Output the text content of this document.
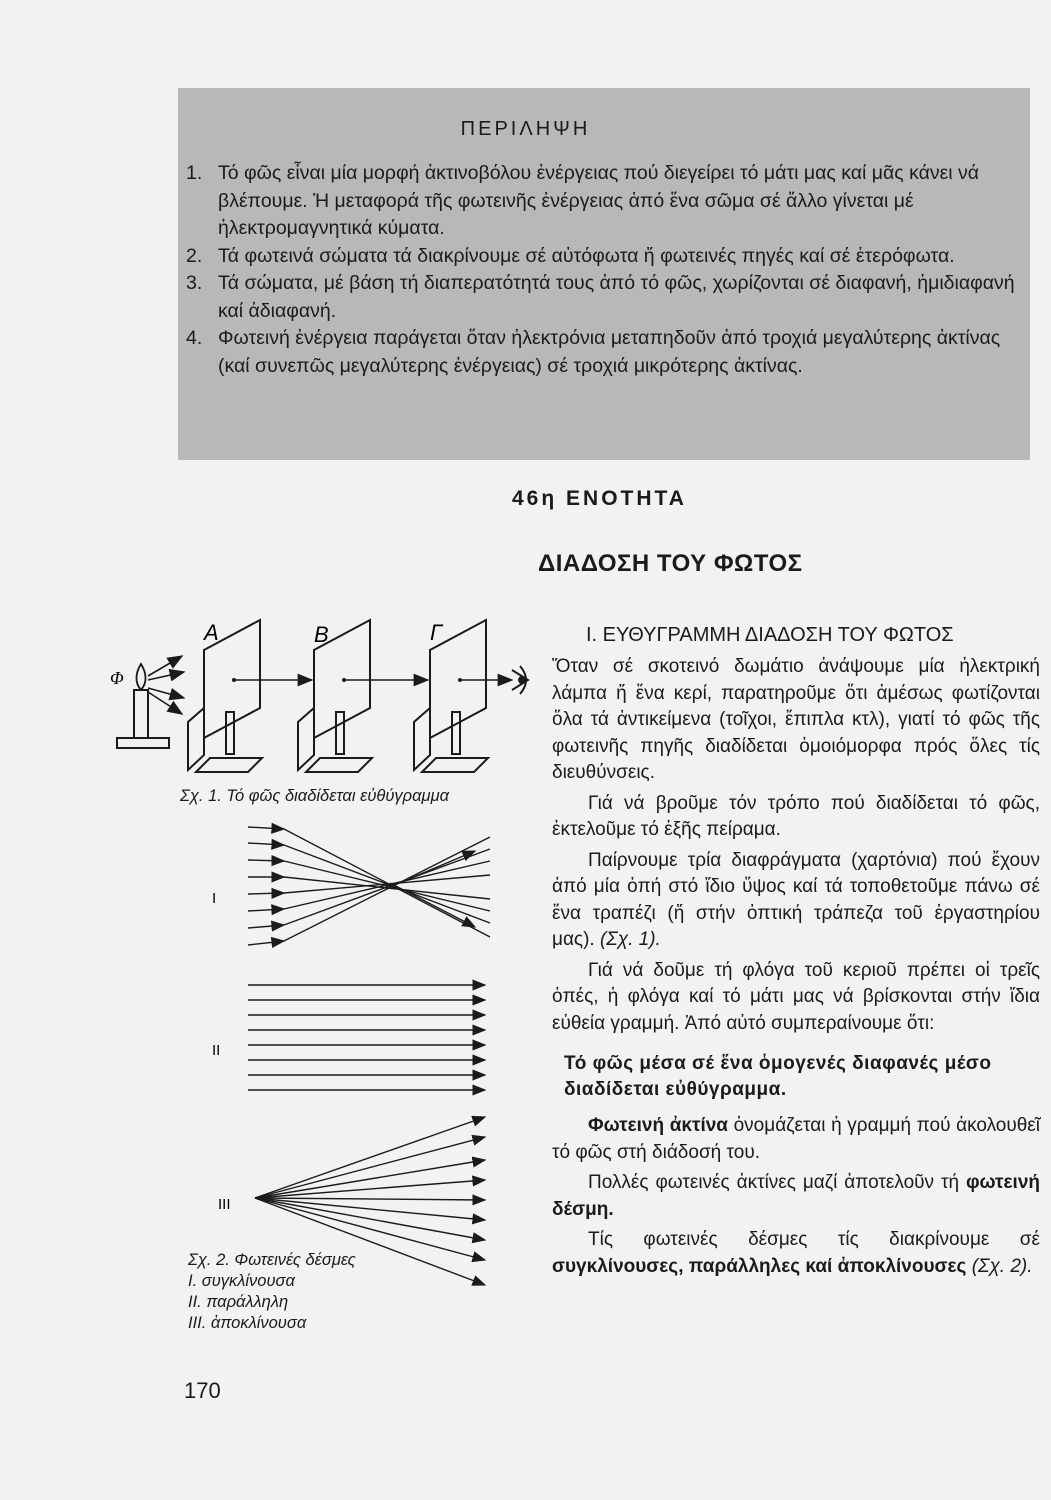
ΠΕΡΙΛΗΨΗ
1. Τό φῶς εἶναι μία μορφή ἀκτινοβόλου ἐνέργειας πού διεγείρει τό μάτι μας καί μᾶς κάνει νά βλέπουμε. Ἡ μεταφορά τῆς φωτεινῆς ἐνέργειας ἀπό ἕνα σῶμα σέ ἄλλο γίνεται μέ ἠλεκτρομαγνητικά κύματα.
2. Τά φωτεινά σώματα τά διακρίνουμε σέ αὐτόφωτα ἤ φωτεινές πηγές καί σέ ἑτερόφωτα.
3. Τά σώματα, μέ βάση τή διαπερατότητά τους ἀπό τό φῶς, χωρίζονται σέ διαφανή, ἡμιδιαφανή καί ἀδιαφανή.
4. Φωτεινή ἐνέργεια παράγεται ὅταν ἠλεκτρόνια μεταπηδοῦν ἀπό τροχιά μεγαλύτερης ἀκτίνας (καί συνεπῶς μεγαλύτερης ἐνέργειας) σέ τροχιά μικρότερης ἀκτίνας.
46η ΕΝΟΤΗΤΑ
ΔΙΑΔΟΣΗ ΤΟΥ ΦΩΤΟΣ
Ι. ΕΥΘΥΓΡΑΜΜΗ ΔΙΑΔΟΣΗ ΤΟΥ ΦΩΤΟΣ

Ὅταν σέ σκοτεινό δωμάτιο ἀνάψουμε μία ἠλεκτρική λάμπα ἤ ἕνα κερί, παρατηροῦμε ὅτι ἀμέσως φωτίζονται ὅλα τά ἀντικείμενα (τοῖχοι, ἔπιπλα κτλ), γιατί τό φῶς τῆς φωτεινῆς πηγῆς διαδίδεται ὁμοιόμορφα πρός ὅλες τίς διευθύνσεις.

Γιά νά βροῦμε τόν τρόπο πού διαδίδεται τό φῶς, ἐκτελοῦμε τό ἑξῆς πείραμα.

Παίρνουμε τρία διαφράγματα (χαρτόνια) πού ἔχουν ἀπό μία ὀπή στό ἴδιο ὕψος καί τά τοποθετοῦμε πάνω σέ ἕνα τραπέζι (ἤ στήν ὀπτική τράπεζα τοῦ ἐργαστηρίου μας). (Σχ. 1).

Γιά νά δοῦμε τή φλόγα τοῦ κεριοῦ πρέπει οἱ τρεῖς ὀπές, ἡ φλόγα καί τό μάτι μας νά βρίσκονται στήν ἴδια εὐθεία γραμμή. Ἀπό αὐτό συμπεραίνουμε ὅτι:

Τό φῶς μέσα σέ ἕνα ὁμογενές διαφανές μέσο διαδίδεται εὐθύγραμμα.

Φωτεινή ἀκτίνα ὀνομάζεται ἡ γραμμή πού ἀκολουθεῖ τό φῶς στή διάδοσή του.

Πολλές φωτεινές ἀκτίνες μαζί ἀποτελοῦν τή φωτεινή δέσμη.

Τίς φωτεινές δέσμες τίς διακρίνουμε σέ συγκλίνουσες, παράλληλες καί ἀποκλίνουσες (Σχ. 2).

Φ
Α	Β	Γ
Σχ. 1. Τό φῶς διαδίδεται εὐθύγραμμα
I
II
III
Σχ. 2. Φωτεινές δέσμες
Ι. συγκλίνουσα
ΙΙ. παράλληλη
ΙΙΙ. ἀποκλίνουσα
170
